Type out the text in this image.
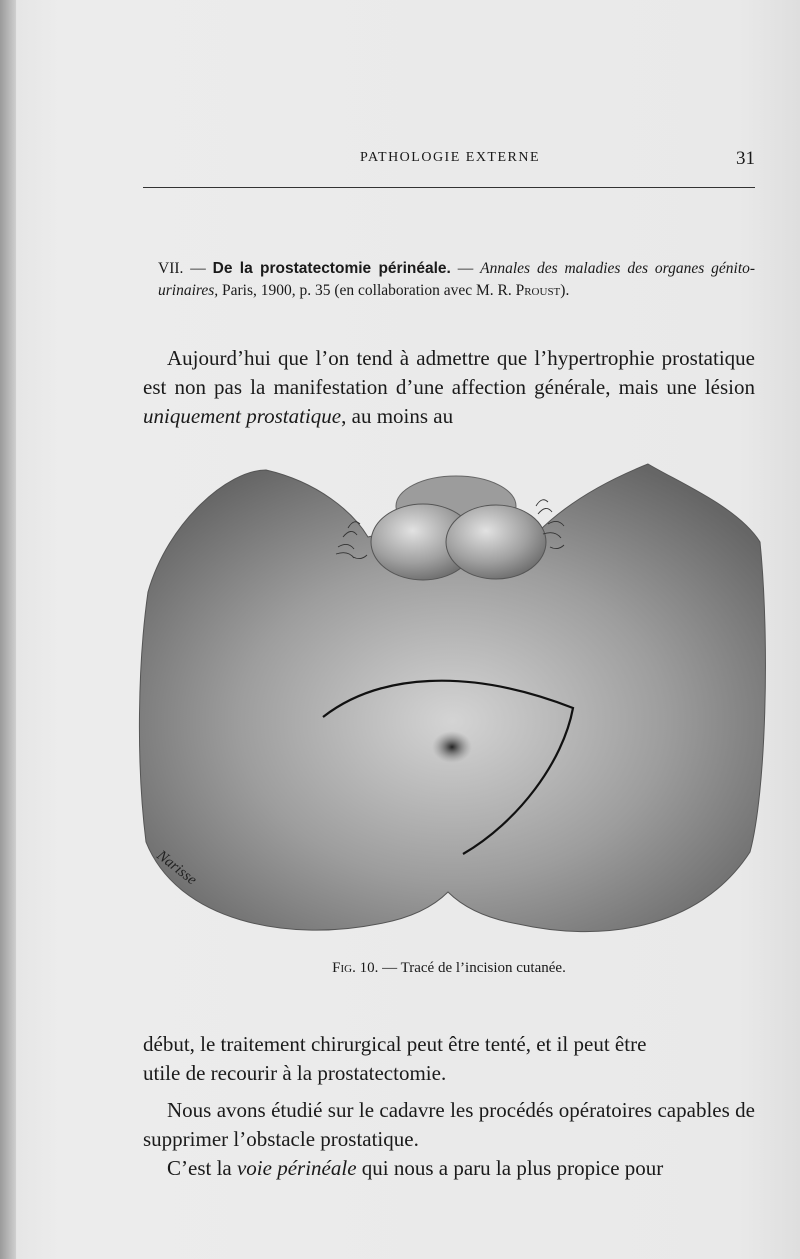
PATHOLOGIE EXTERNE	31
VII. — De la prostatectomie périnéale. — Annales des maladies des organes génito-urinaires, Paris, 1900, p. 35 (en collaboration avec M. R. Proust).
Aujourd’hui que l’on tend à admettre que l’hypertrophie prostatique est non pas la manifestation d’une affection générale, mais une lésion uniquement prostatique, au moins au
Narisse
Fig. 10. — Tracé de l’incision cutanée.
début, le traitement chirurgical peut être tenté, et il peut être
utile de recourir à la prostatectomie.
Nous avons étudié sur le cadavre les procédés opératoires capables de supprimer l’obstacle prostatique.
C’est la voie périnéale qui nous a paru la plus propice pour
